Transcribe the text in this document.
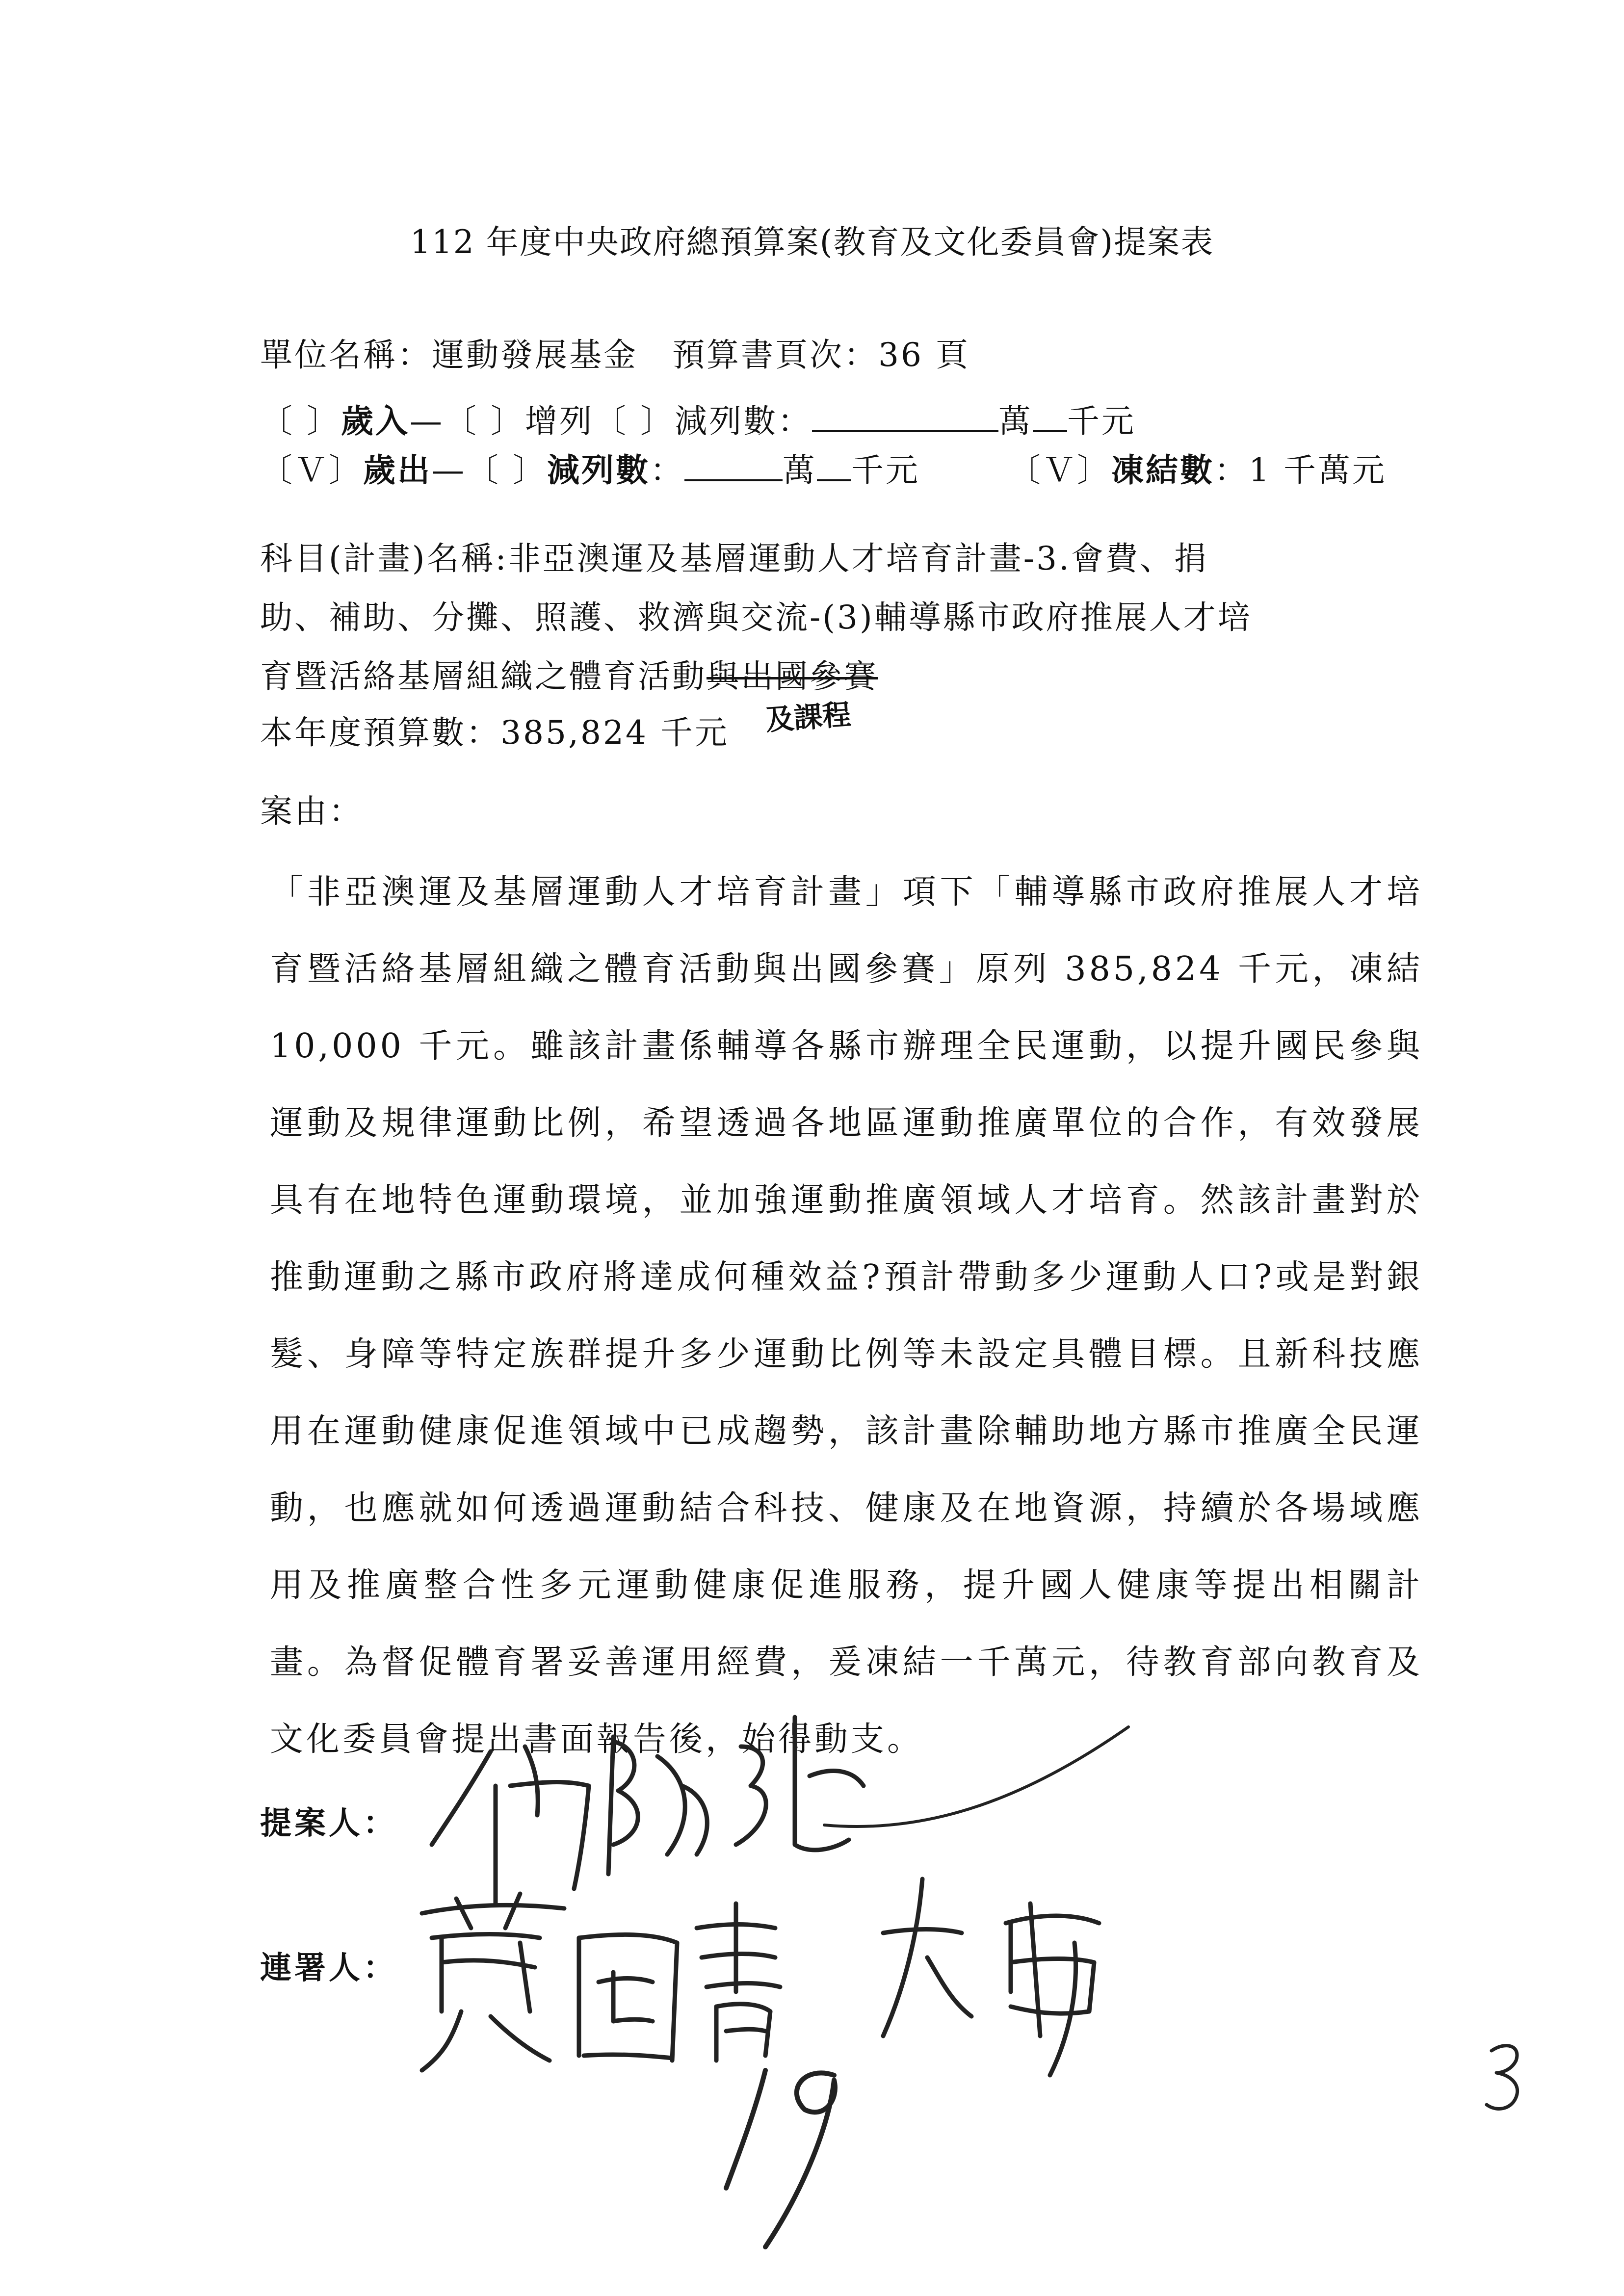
112 年度中央政府總預算案(教育及文化委員會)提案表
單位名稱：運動發展基金　預算書頁次：36 頁
〔 〕歲入—〔 〕增列〔 〕減列數：	萬 千元
〔Ｖ〕歲出—〔 〕減列數：	萬 千元	〔Ｖ〕凍結數：1 千萬元
科目(計畫)名稱:非亞澳運及基層運動人才培育計畫-3.會費、捐
助、補助、分攤、照護、救濟與交流-(3)輔導縣市政府推展人才培
育暨活絡基層組織之體育活動與出國參賽
本年度預算數：385,824 千元 及課程
案由：
「非亞澳運及基層運動人才培育計畫」項下「輔導縣市政府推展人才培育暨活絡基層組織之體育活動與出國參賽」原列 385,824 千元，凍結 10,000 千元。雖該計畫係輔導各縣市辦理全民運動，以提升國民參與運動及規律運動比例，希望透過各地區運動推廣單位的合作，有效發展具有在地特色運動環境，並加強運動推廣領域人才培育。然該計畫對於推動運動之縣市政府將達成何種效益?預計帶動多少運動人口?或是對銀髮、身障等特定族群提升多少運動比例等未設定具體目標。且新科技應用在運動健康促進領域中已成趨勢，該計畫除輔助地方縣市推廣全民運動，也應就如何透過運動結合科技、健康及在地資源，持續於各場域應用及推廣整合性多元運動健康促進服務，提升國人健康等提出相關計畫。為督促體育署妥善運用經費，爰凍結一千萬元，待教育部向教育及文化委員會提出書面報告後，始得動支。
提案人：
連署人：
